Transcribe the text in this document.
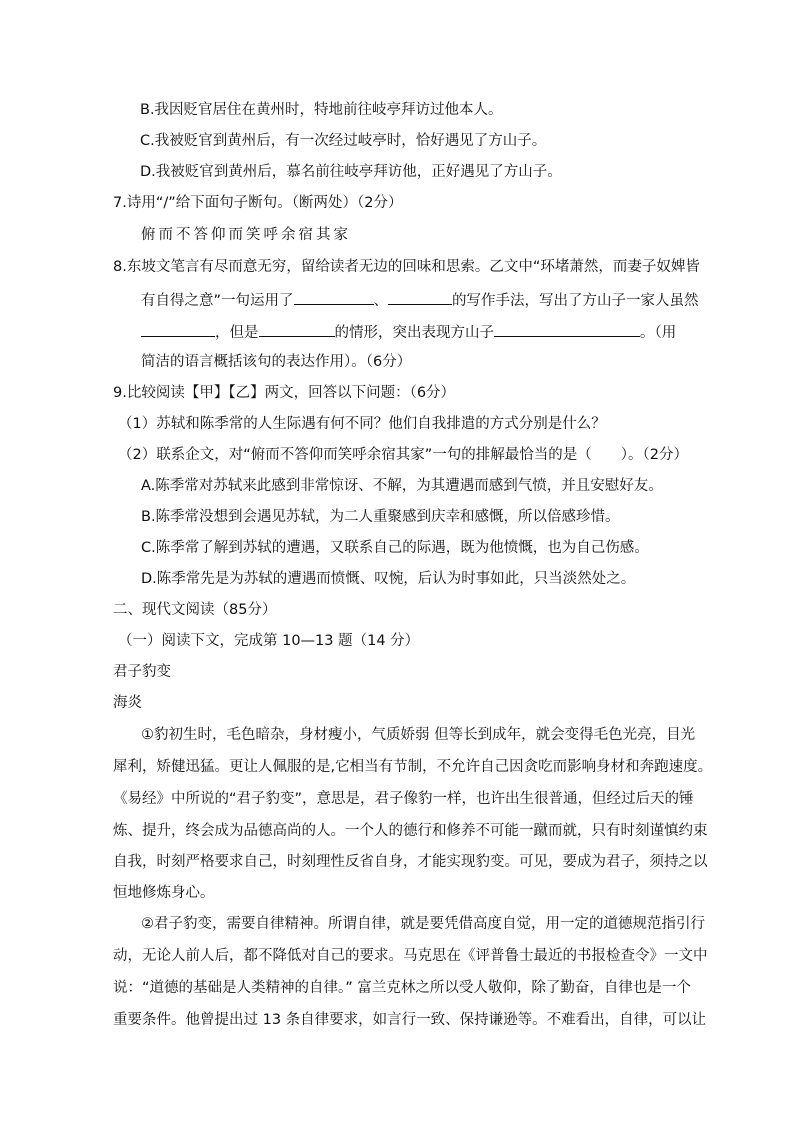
B.我因贬官居住在黄州时，特地前往岐亭拜访过他本人。
C.我被贬官到黄州后，有一次经过岐亭时，恰好遇见了方山子。
D.我被贬官到黄州后，慕名前往岐亭拜访他，正好遇见了方山子。
7.诗用“/”给下面句子断句。（断两处）（2分）
俯而不答仰而笑呼余宿其家
8.东坡文笔言有尽而意无穷，留给读者无边的回味和思索。乙文中“环堵萧然，而妻子奴婢皆
有自得之意”一句运用了	、	的写作手法，写出了方山子一家人虽然
，但是	的情形，突出表现方山子	。（用
简洁的语言概括该句的表达作用）。（6分）
9.比较阅读【甲】【乙】两文，回答以下问题：（6分）
（1）苏轼和陈季常的人生际遇有何不同？他们自我排遣的方式分别是什么？
（2）联系企文，对“俯而不答仰而笑呼余宿其家”一句的排解最恰当的是（　　）。（2分）
A.陈季常对苏轼来此感到非常惊讶、不解，为其遭遇而感到气愤，并且安慰好友。
B.陈季常没想到会遇见苏轼，为二人重聚感到庆幸和感慨，所以倍感珍惜。
C.陈季常了解到苏轼的遭遇，又联系自己的际遇，既为他愤慨，也为自己伤感。
D.陈季常先是为苏轼的遭遇而愤慨、叹惋，后认为时事如此，只当淡然处之。
二、现代文阅读（85分）
（一）阅读下文，完成第 10—13 题（14 分）
君子豹变
海炎
①豹初生时，毛色暗杂，身材瘦小，气质娇弱 但等长到成年，就会变得毛色光亮，目光
犀利，矫健迅猛。更让人佩服的是,它相当有节制，不允许自己因贪吃而影响身材和奔跑速度。
《易经》中所说的“君子豹变”，意思是，君子像豹一样，也许出生很普通，但经过后天的锤
炼、提升，终会成为品德高尚的人。一个人的德行和修养不可能一蹴而就，只有时刻谨慎约束
自我，时刻严格要求自己，时刻理性反省自身，才能实现豹变。可见，要成为君子，须持之以
恒地修炼身心。
②君子豹变，需要自律精神。所谓自律，就是要凭借高度自觉，用一定的道德规范指引行
动，无论人前人后，都不降低对自己的要求。马克思在《评普鲁士最近的书报检查令》一文中
说：“道德的基础是人类精神的自律。” 富兰克林之所以受人敬仰，除了勤奋，自律也是一个
重要条件。他曾提出过 13 条自律要求，如言行一致、保持谦逊等。不难看出，自律，可以让
